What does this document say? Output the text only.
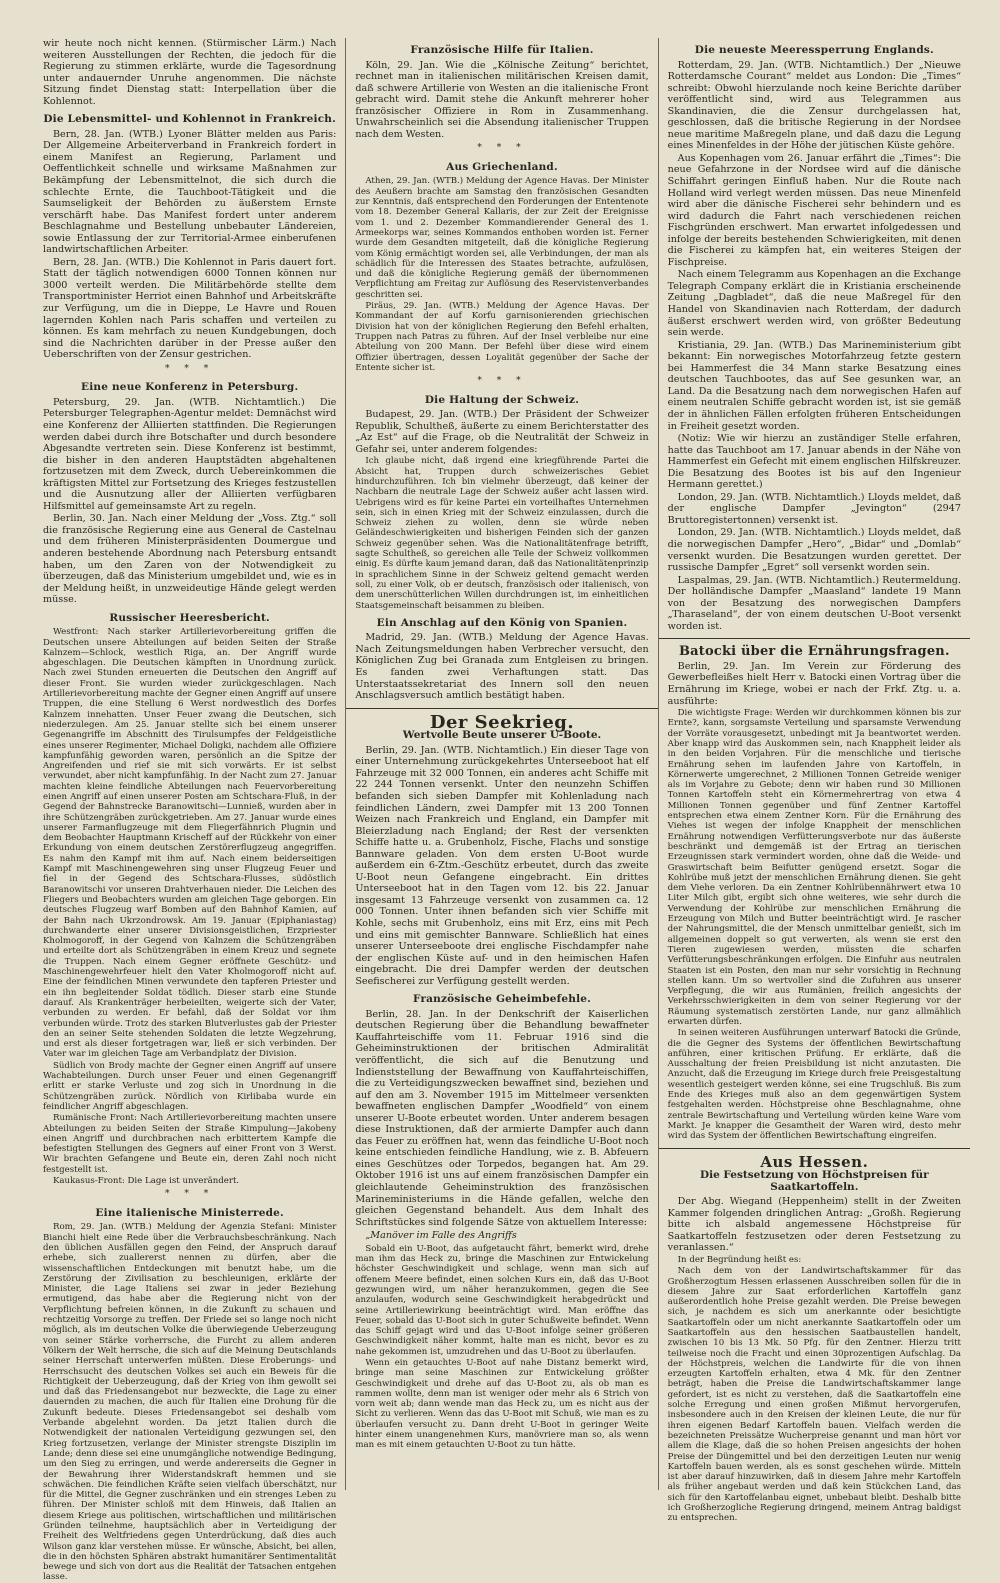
wir heute noch nicht kennen. (Stürmischer Lärm.) Nach weiteren Ausstellungen der Rechten, die jedoch für die Regierung zu stimmen erklärte, wurde die Tagesordnung unter andauernder Unruhe angenommen. Die nächste Sitzung findet Dienstag statt: Interpellation über die Kohlennot.

Die Lebensmittel- und Kohlennot in Frankreich.

Bern, 28. Jan. (WTB.) Lyoner Blätter melden aus Paris: Der Allgemeine Arbeiterverband in Frankreich fordert in einem Manifest an Regierung, Parlament und Oeffentlichkeit schnelle und wirksame Maßnahmen zur Bekämpfung der Lebensmittelnot, die sich durch die schlechte Ernte, die Tauchboot-Tätigkeit und die Saumseligkeit der Behörden zu äußerstem Ernste verschärft habe. Das Manifest fordert unter anderem Beschlagnahme und Bestellung unbebauter Ländereien, sowie Entlassung der zur Territorial-Armee einberufenen landwirtschaftlichen Arbeiter.

Bern, 28. Jan. (WTB.) Die Kohlennot in Paris dauert fort. Statt der täglich notwendigen 6000 Tonnen können nur 3000 verteilt werden. Die Militärbehörde stellte dem Transportminister Herriot einen Bahnhof und Arbeitskräfte zur Verfügung, um die in Dieppe, Le Havre und Rouen lagernden Kohlen nach Paris schaffen und verteilen zu können. Es kam mehrfach zu neuen Kundgebungen, doch sind die Nachrichten darüber in der Presse außer den Ueberschriften von der Zensur gestrichen.

* * *
Eine neue Konferenz in Petersburg.

Petersburg, 29. Jan. (WTB. Nichtamtlich.) Die Petersburger Telegraphen-Agentur meldet: Demnächst wird eine Konferenz der Alliierten stattfinden. Die Regierungen werden dabei durch ihre Botschafter und durch besondere Abgesandte vertreten sein. Diese Konferenz ist bestimmt, die bisher in den anderen Hauptstädten abgehaltenen fortzusetzen mit dem Zweck, durch Uebereinkommen die kräftigsten Mittel zur Fortsetzung des Krieges festzustellen und die Ausnutzung aller der Alliierten verfügbaren Hilfsmittel auf gemeinsamste Art zu regeln.

Berlin, 30. Jan. Nach einer Meldung der „Voss. Ztg.“ soll die französische Regierung eine aus General de Castelnau und dem früheren Ministerpräsidenten Doumergue und anderen bestehende Abordnung nach Petersburg entsandt haben, um den Zaren von der Notwendigkeit zu überzeugen, daß das Ministerium umgebildet und, wie es in der Meldung heißt, in unzweideutige Hände gelegt werden müsse.

Russischer Heeresbericht.

Westfront: Nach starker Artillerievorbereitung griffen die Deutschen unsere Abteilungen auf beiden Seiten der Straße Kalnzem—Schlock, westlich Riga, an. Der Angriff wurde abgeschlagen. Die Deutschen kämpften in Unordnung zurück. Nach zwei Stunden erneuerten die Deutschen den Angriff auf dieser Front. Sie wurden wieder zurückgeschlagen. Nach Artillerievorbereitung machte der Gegner einen Angriff auf unsere Truppen, die eine Stellung 6 Werst nordwestlich des Dorfes Kalnzem innehatten. Unser Feuer zwang die Deutschen, sich niederzulegen. Am 25. Januar stellte sich bei einem unserer Gegenangriffe im Abschnitt des Tirulsumpfes der Feldgeistliche eines unserer Regimenter, Michael Doligki, nachdem alle Offiziere kampfunfähig geworden waren, persönlich an die Spitze der Angreifenden und rief sie mit sich vorwärts. Er ist selbst verwundet, aber nicht kampfunfähig. In der Nacht zum 27. Januar machten kleine feindliche Abteilungen nach Feuervorbereitung einen Angriff auf einen unserer Posten am Schtschara-Fluß, in der Gegend der Bahnstrecke Baranowitschi—Lunnieß, wurden aber in ihre Schützengräben zurückgetrieben. Am 27. Januar wurde eines unserer Farmanflugzeuge mit dem Fliegerfähnrich Plugnin und dem Beobachter Hauptmann Krischeff auf der Rückkehr von einer Erkundung von einem deutschen Zerstörerflugzeug angegriffen. Es nahm den Kampf mit ihm auf. Nach einem beiderseitigen Kampf mit Maschinengewehren sing unser Flugzeug Feuer und fiel in der Gegend des Schtschara-Flusses, südöstlich Baranowitschi vor unseren Drahtverhauen nieder. Die Leichen des Fliegers und Beobachters wurden am gleichen Tage geborgen. Ein deutsches Flugzeug warf Bomben auf den Bahnhof Kamien, auf der Bahn nach Ukrzondrowsk. Am 19. Januar (Epiphaniastag) durchwanderte einer unserer Divisionsgeistlichen, Erzpriester Kholmogoroff, in der Gegend von Kalnzem die Schützengräben und erteilte dort als Schützengräben in einem Kreuz und segnete die Truppen. Nach einem Gegner eröffnete Geschütz- und Maschinengewehrfeuer hielt den Vater Kholmogoroff nicht auf. Eine der feindlichen Minen verwundete den tapferen Priester und ein ihn begleitender Soldat tödlich. Dieser starb eine Stunde darauf. Als Krankenträger herbeieilten, weigerte sich der Vater, verbunden zu werden. Er befahl, daß der Soldat vor ihm verbunden würde. Trotz des starken Blutverlustes gab der Priester den an seiner Seite stehenden Soldaten die letzte Wegzehrung, und erst als dieser fortgetragen war, ließ er sich verbinden. Der Vater war im gleichen Tage am Verbandplatz der Division.

Südlich von Brody machte der Gegner einen Angriff auf unsere Wachabteilungen. Durch unser Feuer und einen Gegenangriff erlitt er starke Verluste und zog sich in Unordnung in die Schützengräben zurück. Nördlich von Kirlibaba wurde ein feindlicher Angriff abgeschlagen.

Rumänische Front: Nach Artillerievorbereitung machten unsere Abteilungen zu beiden Seiten der Straße Kimpulung—Jakobeny einen Angriff und durchbrachen nach erbittertem Kampfe die befestigten Stellungen des Gegners auf einer Front von 3 Werst. Wir brachten Gefangene und Beute ein, deren Zahl noch nicht festgestellt ist.

Kaukasus-Front: Die Lage ist unverändert.

* * *
Eine italienische Ministerrede.

Rom, 29. Jan. (WTB.) Meldung der Agenzia Stefani: Minister Bianchi hielt eine Rede über die Verbrauchsbeschränkung. Nach den üblichen Ausfällen gegen den Feind, der Anspruch darauf erhebe, sich zuallererst nennen zu dürfen, aber die wissenschaftlichen Entdeckungen mit benutzt habe, um die Zerstörung der Zivilisation zu beschleunigen, erklärte der Minister, die Lage Italiens sei zwar in jeder Beziehung ermutigend, das habe aber die Regierung nicht von der Verpflichtung befreien können, in die Zukunft zu schauen und rechtzeitig Vorsorge zu treffen. Der Friede sei so lange noch nicht möglich, als im deutschen Volke die überwiegende Ueberzeugung von seiner Stärke vorherrsche, die Furcht zu allem anderen Völkern der Welt herrsche, die sich auf die Meinung Deutschlands seiner Herrschaft unterwerfen müßten. Diese Eroberungs- und Herrschsucht des deutschen Volkes sei auch ein Beweis für die Richtigkeit der Ueberzeugung, daß der Krieg von ihm gewollt sei und daß das Friedensangebot nur bezweckte, die Lage zu einer dauernden zu machen, die auch für Italien eine Drohung für die Zukunft bedeute. Dieses Friedensangebot sei deshalb vom Verbande abgelehnt worden. Da jetzt Italien durch die Notwendigkeit der nationalen Verteidigung gezwungen sei, den Krieg fortzusetzen, verlange der Minister strengste Disziplin im Lande; denn diese sei eine unumgängliche notwendige Bedingung, um den Sieg zu erringen, und werde andererseits die Gegner in der Bewahrung ihrer Widerstandskraft hemmen und sie schwächen. Die feindlichen Kräfte seien vielfach überschätzt, nur für die Mittel, die Gegner zuschränken und ein strenges Leben zu führen. Der Minister schloß mit dem Hinweis, daß Italien an diesem Kriege aus politischen, wirtschaftlichen und militärischen Gründen teilnehme, hauptsächlich aber in Verteidigung der Freiheit des Weltfriedens gegen Unterdrückung, daß dies auch Wilson ganz klar verstehen müsse. Er wünsche, Absicht, bei allen, die in den höchsten Sphären abstrakt humanitärer Sentimentalität bewege und sich von dort aus die Realität der Tatsachen entgehen lasse.

Französische Hilfe für Italien.

Köln, 29. Jan. Wie die „Kölnische Zeitung“ berichtet, rechnet man in italienischen militärischen Kreisen damit, daß schwere Artillerie von Westen an die italienische Front gebracht wird. Damit stehe die Ankunft mehrerer hoher französischer Offiziere in Rom in Zusammenhang. Unwahrscheinlich sei die Absendung italienischer Truppen nach dem Westen.

* * *
Aus Griechenland.

Athen, 29. Jan. (WTB.) Meldung der Agence Havas. Der Minister des Aeußern brachte am Samstag den französischen Gesandten zur Kenntnis, daß entsprechend den Forderungen der Ententenote vom 18. Dezember General Kallaris, der zur Zeit der Ereignisse vom 1. und 2. Dezember Kommandierender General des 1. Armeekorps war, seines Kommandos enthoben worden ist. Ferner wurde dem Gesandten mitgeteilt, daß die königliche Regierung vom König ermächtigt worden sei, alle Verbindungen, der man als schädlich für die Interessen des Staates betrachte, aufzulösen, und daß die königliche Regierung gemäß der übernommenen Verpflichtung am Freitag zur Auflösung des Reservistenverbandes geschritten sei.

Piräus, 29. Jan. (WTB.) Meldung der Agence Havas. Der Kommandant der auf Korfu garnisonierenden griechischen Division hat von der königlichen Regierung den Befehl erhalten, Truppen nach Patras zu führen. Auf der Insel verbleibe nur eine Abteilung von 200 Mann. Der Befehl über diese wird einem Offizier übertragen, dessen Loyalität gegenüber der Sache der Entente sicher ist.

* * *
Die Haltung der Schweiz.

Budapest, 29. Jan. (WTB.) Der Präsident der Schweizer Republik, Schultheß, äußerte zu einem Berichterstatter des „Az Est“ auf die Frage, ob die Neutralität der Schweiz in Gefahr sei, unter anderem folgendes:

Ich glaube nicht, daß irgend eine kriegführende Partei die Absicht hat, Truppen durch schweizerisches Gebiet hindurchzuführen. Ich bin vielmehr überzeugt, daß keiner der Nachbarn die neutrale Lage der Schweiz außer acht lassen wird. Uebrigens wird es für keine Partei ein vorteilhaftes Unternehmen sein, sich in einen Krieg mit der Schweiz einzulassen, durch die Schweiz ziehen zu wollen, denn sie würde neben Geländeschwierigkeiten und bisherigen Feinden sich der ganzen Schweiz gegenüber sehen. Was die Nationalitätenfrage betrifft, sagte Schultheß, so gereichen alle Teile der Schweiz vollkommen einig. Es dürfte kaum jemand daran, daß das Nationalitätenprinzip in sprachlichem Sinne in der Schweiz geltend gemacht werden soll, zu einer Volk, ob er deutsch, französisch oder italienisch, von dem unerschütterlichen Willen durchdrungen ist, im einheitlichen Staatsgemeinschaft beisammen zu bleiben.

Ein Anschlag auf den König von Spanien.

Madrid, 29. Jan. (WTB.) Meldung der Agence Havas. Nach Zeitungsmeldungen haben Verbrecher versucht, den Königlichen Zug bei Granada zum Entgleisen zu bringen. Es fanden zwei Verhaftungen statt. Das Unterstaatssekretariat des Innern soll den neuen Anschlagsversuch amtlich bestätigt haben.

Der Seekrieg.
Wertvolle Beute unserer U-Boote.

Berlin, 29. Jan. (WTB. Nichtamtlich.) Ein dieser Tage von einer Unternehmung zurückgekehrtes Unterseeboot hat elf Fahrzeuge mit 32 000 Tonnen, ein anderes acht Schiffe mit 22 244 Tonnen versenkt. Unter den neunzehn Schiffen befanden sich sieben Dampfer mit Kohlenladung nach feindlichen Ländern, zwei Dampfer mit 13 200 Tonnen Weizen nach Frankreich und England, ein Dampfer mit Bleierzladung nach England; der Rest der versenkten Schiffe hatte u. a. Grubenholz, Fische, Flachs und sonstige Bannware geladen. Von dem ersten U-Boot wurde außerdem ein 6-Ztm.-Geschütz erbeutet, durch das zweite U-Boot neun Gefangene eingebracht. Ein drittes Unterseeboot hat in den Tagen vom 12. bis 22. Januar insgesamt 13 Fahrzeuge versenkt von zusammen ca. 12 000 Tonnen. Unter ihnen befanden sich vier Schiffe mit Kohle, sechs mit Grubenholz, eins mit Erz, eins mit Pech und eins mit gemischter Bannware. Schließlich hat eines unserer Unterseeboote drei englische Fischdampfer nahe der englischen Küste auf- und in den heimischen Hafen eingebracht. Die drei Dampfer werden der deutschen Seefischerei zur Verfügung gestellt werden.

Französische Geheimbefehle.

Berlin, 28. Jan. In der Denkschrift der Kaiserlichen deutschen Regierung über die Behandlung bewaffneter Kauffahrteischiffe vom 11. Februar 1916 sind die Geheiminstruktionen der britischen Admiralität veröffentlicht, die sich auf die Benutzung und Indienststellung der Bewaffnung von Kauffahrteischiffen, die zu Verteidigungszwecken bewaffnet sind, beziehen und auf den am 3. November 1915 im Mittelmeer versenkten bewaffneten englischen Dampfer „Woodfield“ von einem unserer U-Boote erbeutet worden. Unter anderem besagen diese Instruktionen, daß der armierte Dampfer auch dann das Feuer zu eröffnen hat, wenn das feindliche U-Boot noch keine entschieden feindliche Handlung, wie z. B. Abfeuern eines Geschützes oder Torpedos, begangen hat. Am 29. Oktober 1916 ist uns auf einem französischen Dampfer ein gleichlautende Geheiminstruktion des französischen Marineministeriums in die Hände gefallen, welche den gleichen Gegenstand behandelt. Aus dem Inhalt des Schriftstückes sind folgende Sätze von aktuellem Interesse:

„Manöver im Falle des Angriffs

Sobald ein U-Boot, das aufgetaucht fährt, bemerkt wird, drehe man ihm das Heck zu, bringe die Maschinen zur Entwickelung höchster Geschwindigkeit und schlage, wenn man sich auf offenem Meere befindet, einen solchen Kurs ein, daß das U-Boot gezwungen wird, um näher heranzukommen, gegen die See anzulaufen, wodurch seine Geschwindigkeit herabgedrückt und seine Artilleriewirkung beeinträchtigt wird. Man eröffne das Feuer, sobald das U-Boot sich in guter Schußweite befindet. Wenn das Schiff gejagt wird und das U-Boot infolge seiner größeren Geschwindigkeit näher kommt, halte man es nicht, bevor es zu nahe gekommen ist, umzudrehen und das U-Boot zu überlaufen.

Wenn ein getauchtes U-Boot auf nahe Distanz bemerkt wird, bringe man seine Maschinen zur Entwickelung größter Geschwindigkeit und drehe auf das U-Boot zu, als ob man es rammen wollte, denn man ist weniger oder mehr als 6 Strich von vorn weit ab; dann wende man das Heck zu, um es nicht aus der Sicht zu verlieren. Wenn das das U-Boot mit Schuß, wie man es zu überlaufen versucht zu. Dann dreht U-Boot in geringer Weite hinter einem unangenehmen Kurs, manövriere man so, als wenn man es mit einem getauchten U-Boot zu tun hätte.

Die neueste Meeressperrung Englands.

Rotterdam, 29. Jan. (WTB. Nichtamtlich.) Der „Nieuwe Rotterdamsche Courant“ meldet aus London: Die „Times“ schreibt: Obwohl hierzulande noch keine Berichte darüber veröffentlicht sind, wird aus Telegrammen aus Skandinavien, die die Zensur durchgelassen hat, geschlossen, daß die britische Regierung in der Nordsee neue maritime Maßregeln plane, und daß dazu die Legung eines Minenfeldes in der Höhe der jütischen Küste gehöre.

Aus Kopenhagen vom 26. Januar erfährt die „Times“: Die neue Gefahrzone in der Nordsee wird auf die dänische Schiffahrt geringen Einfluß haben. Nur die Route nach Holland wird verlegt werden müssen. Das neue Minenfeld wird aber die dänische Fischerei sehr behindern und es wird dadurch die Fahrt nach verschiedenen reichen Fischgründen erschwert. Man erwartet infolgedessen und infolge der bereits bestehenden Schwierigkeiten, mit denen die Fischerei zu kämpfen hat, ein weiteres Steigen der Fischpreise.

Nach einem Telegramm aus Kopenhagen an die Exchange Telegraph Company erklärt die in Kristiania erscheinende Zeitung „Dagbladet“, daß die neue Maßregel für den Handel von Skandinavien nach Rotterdam, der dadurch äußerst erschwert werden wird, von größter Bedeutung sein werde.

Kristiania, 29. Jan. (WTB.) Das Marineministerium gibt bekannt: Ein norwegisches Motorfahrzeug fetzte gestern bei Hammerfest die 34 Mann starke Besatzung eines deutschen Tauchbootes, das auf See gesunken war, an Land. Da die Besatzung nach dem norwegischen Hafen auf einem neutralen Schiffe gebracht worden ist, ist sie gemäß der in ähnlichen Fällen erfolgten früheren Entscheidungen in Freiheit gesetzt worden.

(Notiz: Wie wir hierzu an zuständiger Stelle erfahren, hatte das Tauchboot am 17. Januar abends in der Nähe von Hammerfest ein Gefecht mit einem englischen Hilfskreuzer. Die Besatzung des Bootes ist bis auf den Ingenieur Hermann gerettet.)

London, 29. Jan. (WTB. Nichtamtlich.) Lloyds meldet, daß der englische Dampfer „Jevington“ (2947 Bruttoregistertonnen) versenkt ist.

London, 29. Jan. (WTB. Nichtamtlich.) Lloyds meldet, daß die norwegischen Dampfer „Hero“, „Bidar“ und „Domlab“ versenkt wurden. Die Besatzungen wurden gerettet. Der russische Dampfer „Egret“ soll versenkt worden sein.

Laspalmas, 29. Jan. (WTB. Nichtamtlich.) Reutermeldung. Der holländische Dampfer „Maasland“ landete 19 Mann von der Besatzung des norwegischen Dampfers „Tharaseland“, der von einem deutschen U-Boot versenkt worden ist.

Batocki über die Ernährungsfragen.

Berlin, 29. Jan. Im Verein zur Förderung des Gewerbefleißes hielt Herr v. Batocki einen Vortrag über die Ernährung im Kriege, wobei er nach der Frkf. Ztg. u. a. ausführte:

Die wichtigste Frage: Werden wir durchkommen können bis zur Ernte?, kann, sorgsamste Verteilung und sparsamste Verwendung der Vorräte vorausgesetzt, unbedingt mit Ja beantwortet werden. Aber knapp wird das Auskommen sein, nach Knappheit leider als in den beiden Vorjahren. Für die menschliche und tierische Ernährung sehen im laufenden Jahre von Kartoffeln, in Körnerwerte umgerechnet, 2 Millionen Tonnen Getreide weniger als im Vorjahre zu Gebote; denn wir haben rund 30 Millionen Tonnen Kartoffeln steht ein Körnermehrertrag von etwa 4 Millionen Tonnen gegenüber und fünf Zentner Kartoffel entsprechen etwa einem Zentner Korn. Für die Ernährung des Viehes ist wegen der infolge Knappheit der menschlichen Ernährung notwendigen Verfütterungsverbote nur das äußerste beschränkt und demgemäß ist der Ertrag an tierischen Erzeugnissen stark vermindert worden, ohne daß die Weide- und Graswirtschaft beim Beifutter genügend ersetzt. Sogar die Kohlrübe muß jetzt der menschlichen Ernährung dienen. Sie geht dem Viehe verloren. Da ein Zentner Kohlrübennährwert etwa 10 Liter Milch gibt, ergibt sich ohne weiteres, wie sehr durch die Verwendung der Kohlrübe zur menschlichen Ernährung die Erzeugung von Milch und Butter beeinträchtigt wird. Je rascher der Nahrungsmittel, die der Mensch unmittelbar genießt, sich im allgemeinen doppelt so gut verwerten, als wenn sie erst den Tieren zugewiesen werden, müssten die scharfen Verfütterungsbeschränkungen erfolgen. Die Einfuhr aus neutralen Staaten ist ein Posten, den man nur sehr vorsichtig in Rechnung stellen kann. Um so wertvoller sind die Zufuhren aus unserer Verpflegung, die wir aus Rumänien, freilich angesichts der Verkehrsschwierigkeiten in dem von seiner Regierung vor der Räumung systematisch zerstörten Lande, nur ganz allmählich erwarten dürfen.

In seinen weiteren Ausführungen unterwarf Batocki die Gründe, die die Gegner des Systems der öffentlichen Bewirtschaftung anführen, einer kritischen Prüfung. Er erklärte, daß die Ausschaltung der freien Preisbildung ist nicht anzutasten. Die Anzucht, daß die Erzeugung im Kriege durch freie Preisgestaltung wesentlich gesteigert werden könne, sei eine Trugschluß. Bis zum Ende des Krieges muß also an dem gegenwärtigen System festgehalten werden. Höchstpreise ohne Beschlagnahme, ohne zentrale Bewirtschaftung und Verteilung würden keine Ware vom Markt. Je knapper die Gesamtheit der Waren wird, desto mehr wird das System der öffentlichen Bewirtschaftung eingreifen.

Aus Hessen.
Die Festsetzung von Höchstpreisen für Saatkartoffeln.

Der Abg. Wiegand (Heppenheim) stellt in der Zweiten Kammer folgenden dringlichen Antrag: „Großh. Regierung bitte ich alsbald angemessene Höchstpreise für Saatkartoffeln festzusetzen oder deren Festsetzung zu veranlassen.“

In der Begründung heißt es:

Nach dem von der Landwirtschaftskammer für das Großherzogtum Hessen erlassenen Ausschreiben sollen für die in diesem Jahre zur Saat erforderlichen Kartoffeln ganz außerordentlich hohe Preise gezahlt werden. Die Preise bewegen sich, je nachdem es sich um anerkannte oder besichtigte Saatkartoffeln oder um nicht anerkannte Saatkartoffeln oder um Saatkartoffeln aus den hessischen Saatbaustellen handelt, zwischen 10 bis 13 Mk. 50 Pfg. für den Zentner. Hierzu tritt teilweise noch die Fracht und einen 30prozentigen Aufschlag. Da der Höchstpreis, welchen die Landwirte für die von ihnen erzeugten Kartoffeln erhalten, etwa 4 Mk. für den Zentner beträgt, haben die Preise die Landwirtschaftskammer lange gefordert, ist es nicht zu verstehen, daß die Saatkartoffeln eine solche Erregung und einen großen Mißmut hervorgerufen, insbesondere auch in den Kreisen der kleinen Leute, die nur für ihren eigenen Bedarf Kartoffeln bauen. Vielfach werden die bezeichneten Preissätze Wucherpreise genannt und man hört vor allem die Klage, daß die so hohen Preisen angesichts der hohen Preise der Düngemittel und bei den derzeitigen Leuten nur wenig Kartoffeln bauen werden, als es sonst geschehen würde. Mitteln ist aber darauf hinzuwirken, daß in diesem Jahre mehr Kartoffeln als früher angebaut werden und daß kein Stückchen Land, das sich für den Kartoffelanbau eignet, unbebaut bleibt. Deshalb bitte ich Großherzogliche Regierung dringend, meinem Antrag baldigst zu entsprechen.
